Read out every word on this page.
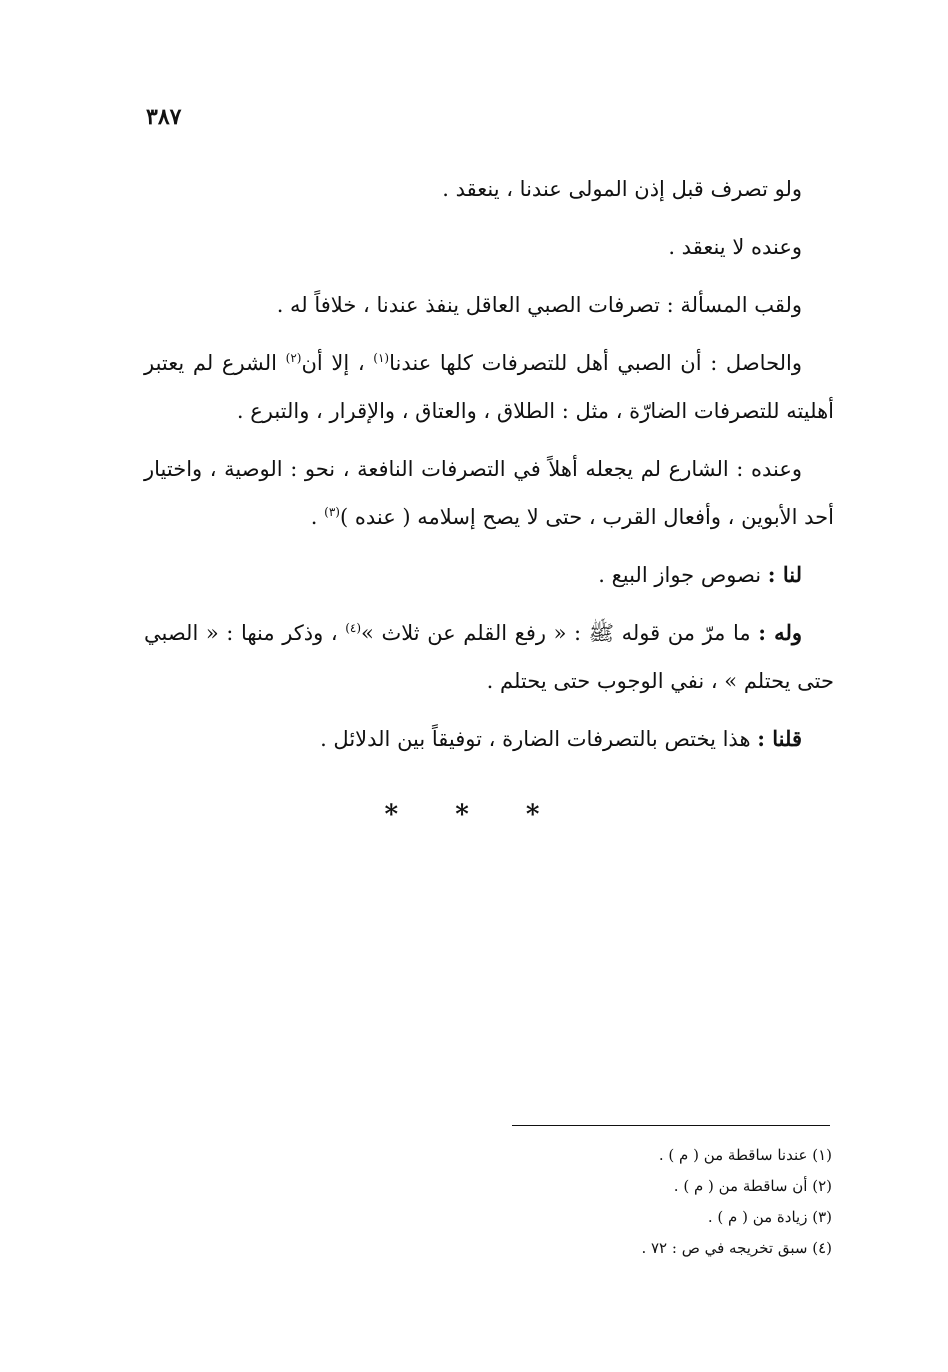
٣٨٧

ولو تصرف قبل إذن المولى عندنا ، ينعقد .

وعنده لا ينعقد .

ولقب المسألة : تصرفات الصبي العاقل ينفذ عندنا ، خلافاً له .

والحاصل : أن الصبي أهل للتصرفات كلها عندنا$^{(١)}$ ، إلا أن$^{(٢)}$ الشرع لم يعتبر أهليته للتصرفات الضارّة ، مثل : الطلاق ، والعتاق ، والإقرار ، والتبرع .

وعنده : الشارع لم يجعله أهلاً في التصرفات النافعة ، نحو : الوصية ، واختيار أحد الأبوين ، وأفعال القرب ، حتى لا يصح إسلامه ( عنده )$^{(٣)}$ .

لنا : نصوص جواز البيع .

وله : ما مرّ من قوله ﷺ : « رفع القلم عن ثلاث »$^{(٤)}$ ، وذكر منها : « الصبي حتى يحتلم » ، نفي الوجوب حتى يحتلم .

قلنا : هذا يختص بالتصرفات الضارة ، توفيقاً بين الدلائل .

* * *

(١) عندنا ساقطة من ( م ) .

(٢) أن ساقطة من ( م ) .

(٣) زيادة من ( م ) .

(٤) سبق تخريجه في ص : ٧٢ .
